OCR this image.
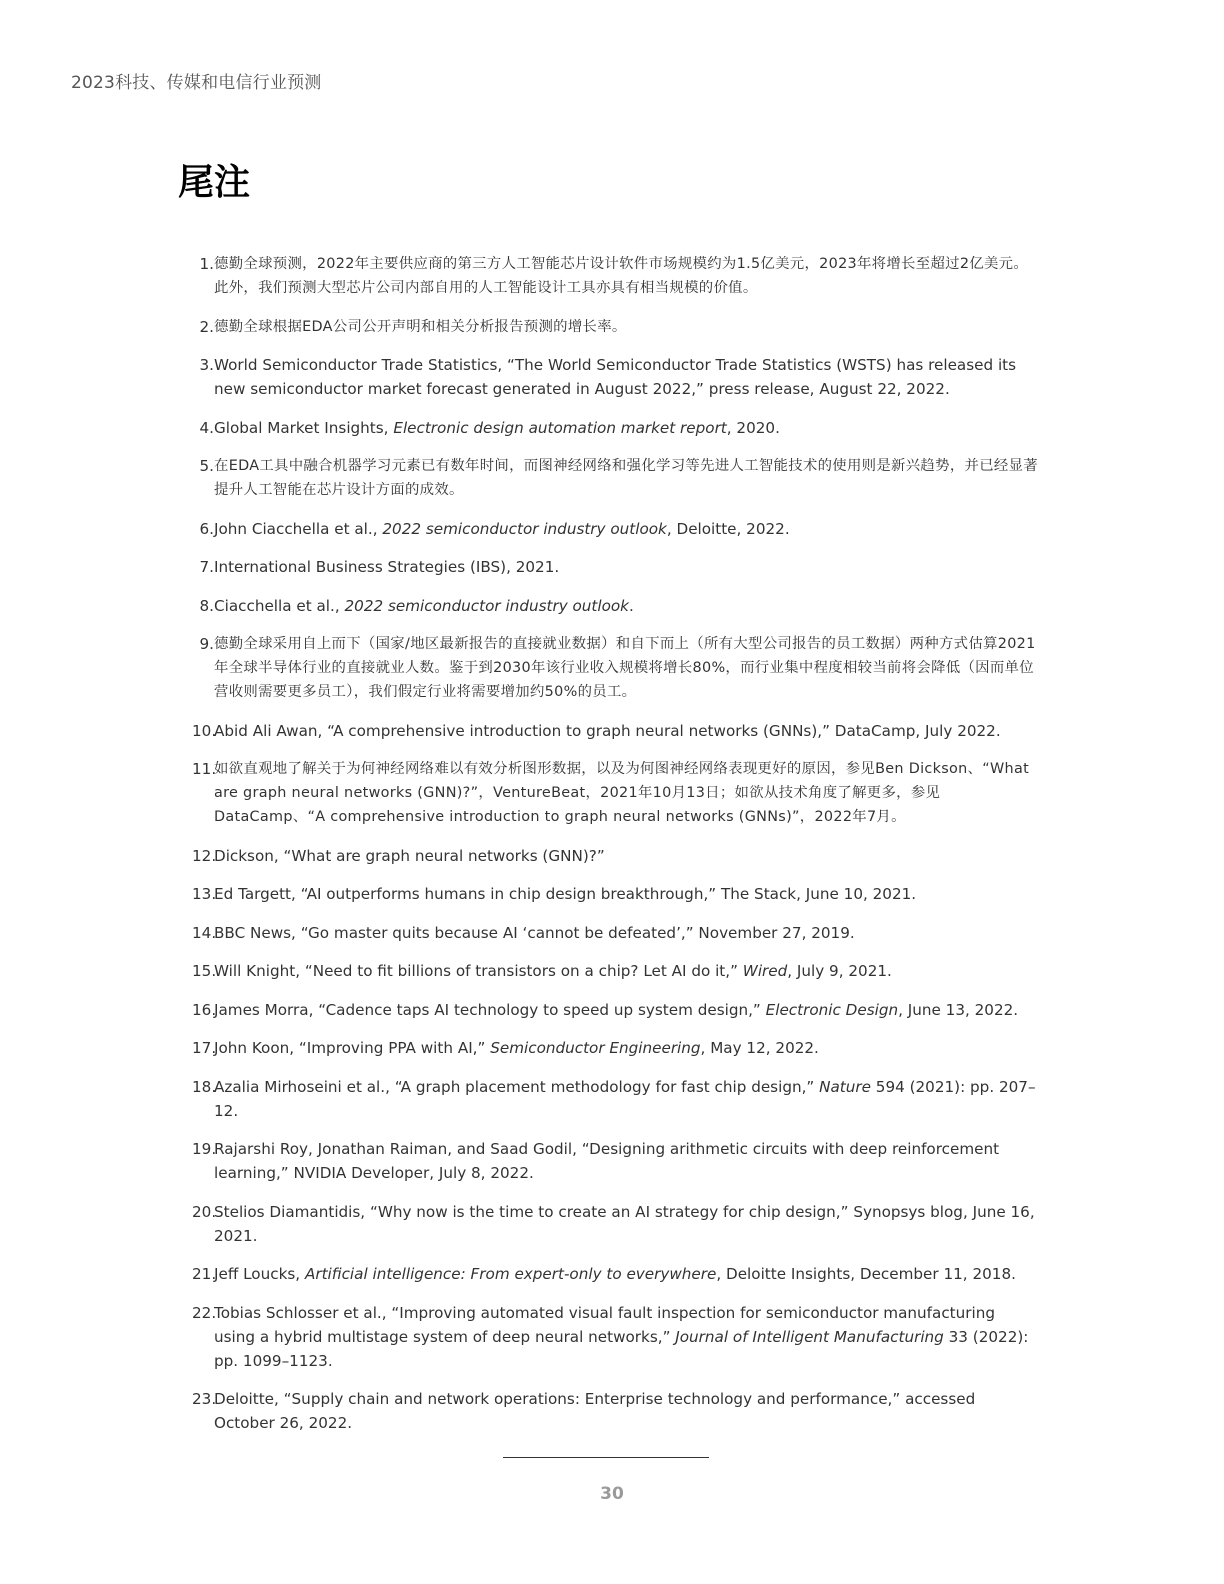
2023科技、传媒和电信行业预测
尾注
1. 德勤全球预测，2022年主要供应商的第三方人工智能芯片设计软件市场规模约为1.5亿美元，2023年将增长至超过2亿美元。此外，我们预测大型芯片公司内部自用的人工智能设计工具亦具有相当规模的价值。
2. 德勤全球根据EDA公司公开声明和相关分析报告预测的增长率。
3. World Semiconductor Trade Statistics, “The World Semiconductor Trade Statistics (WSTS) has released its new semiconductor market forecast generated in August 2022,” press release, August 22, 2022.
4. Global Market Insights, Electronic design automation market report, 2020.
5. 在EDA工具中融合机器学习元素已有数年时间，而图神经网络和强化学习等先进人工智能技术的使用则是新兴趋势，并已经显著提升人工智能在芯片设计方面的成效。
6. John Ciacchella et al., 2022 semiconductor industry outlook, Deloitte, 2022.
7. International Business Strategies (IBS), 2021.
8. Ciacchella et al., 2022 semiconductor industry outlook.
9. 德勤全球采用自上而下（国家/地区最新报告的直接就业数据）和自下而上（所有大型公司报告的员工数据）两种方式估算2021年全球半导体行业的直接就业人数。鉴于到2030年该行业收入规模将增长80%，而行业集中程度相较当前将会降低（因而单位营收则需要更多员工），我们假定行业将需要增加约50%的员工。
10.
Abid Ali Awan, “A comprehensive introduction to graph neural networks (GNNs),” DataCamp, July 2022.
11.
如欲直观地了解关于为何神经网络难以有效分析图形数据，以及为何图神经网络表现更好的原因，参见Ben Dickson、“What are graph neural networks (GNN)?”，VentureBeat，2021年10月13日；如欲从技术角度了解更多，参见DataCamp、“A comprehensive introduction to graph neural networks (GNNs)”，2022年7月。
12.
Dickson, “What are graph neural networks (GNN)?”
13.
Ed Targett, “AI outperforms humans in chip design breakthrough,” The Stack, June 10, 2021.
14.
BBC News, “Go master quits because AI ‘cannot be defeated’,” November 27, 2019.
15.
Will Knight, “Need to fit billions of transistors on a chip? Let AI do it,” Wired, July 9, 2021.
16.
James Morra, “Cadence taps AI technology to speed up system design,” Electronic Design, June 13, 2022.
17.
John Koon, “Improving PPA with AI,” Semiconductor Engineering, May 12, 2022.
18.
Azalia Mirhoseini et al., “A graph placement methodology for fast chip design,” Nature 594 (2021): pp. 207–12.
19.
Rajarshi Roy, Jonathan Raiman, and Saad Godil, “Designing arithmetic circuits with deep reinforcement learning,” NVIDIA Developer, July 8, 2022.
20.
Stelios Diamantidis, “Why now is the time to create an AI strategy for chip design,” Synopsys blog, June 16, 2021.
21.
Jeff Loucks, Artificial intelligence: From expert-only to everywhere, Deloitte Insights, December 11, 2018.
22.
Tobias Schlosser et al., “Improving automated visual fault inspection for semiconductor manufacturing using a hybrid multistage system of deep neural networks,” Journal of Intelligent Manufacturing 33 (2022): pp. 1099–1123.
23.
Deloitte, “Supply chain and network operations: Enterprise technology and performance,” accessed October 26, 2022.
30
